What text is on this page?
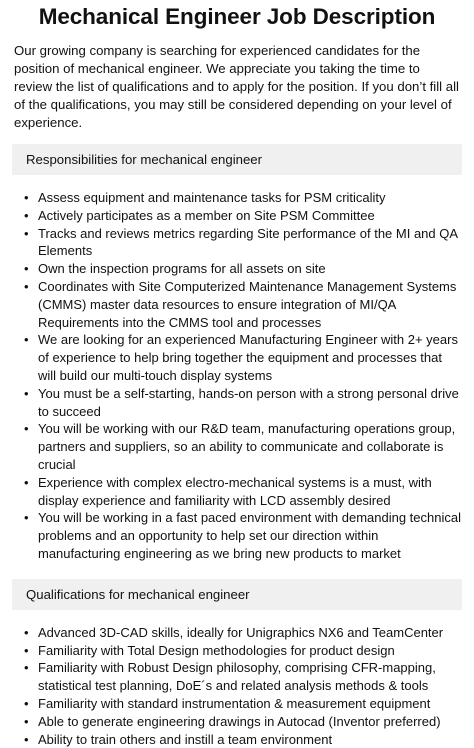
Mechanical Engineer Job Description

Our growing company is searching for experienced candidates for the position of mechanical engineer. We appreciate you taking the time to review the list of qualifications and to apply for the position. If you don’t fill all of the qualifications, you may still be considered depending on your level of experience.

Responsibilities for mechanical engineer
• Assess equipment and maintenance tasks for PSM criticality
• Actively participates as a member on Site PSM Committee
• Tracks and reviews metrics regarding Site performance of the MI and QA Elements
• Own the inspection programs for all assets on site
• Coordinates with Site Computerized Maintenance Management Systems (CMMS) master data resources to ensure integration of MI/QA Requirements into the CMMS tool and processes
• We are looking for an experienced Manufacturing Engineer with 2+ years of experience to help bring together the equipment and processes that will build our multi-touch display systems
• You must be a self-starting, hands-on person with a strong personal drive to succeed
• You will be working with our R&D team, manufacturing operations group, partners and suppliers, so an ability to communicate and collaborate is crucial
• Experience with complex electro-mechanical systems is a must, with display experience and familiarity with LCD assembly desired
• You will be working in a fast paced environment with demanding technical problems and an opportunity to help set our direction within manufacturing engineering as we bring new products to market
Qualifications for mechanical engineer
• Advanced 3D-CAD skills, ideally for Unigraphics NX6 and TeamCenter
• Familiarity with Total Design methodologies for product design
• Familiarity with Robust Design philosophy, comprising CFR-mapping, statistical test planning, DoE´s and related analysis methods & tools
• Familiarity with standard instrumentation & measurement equipment
• Able to generate engineering drawings in Autocad (Inventor preferred)
• Ability to train others and instill a team environment
